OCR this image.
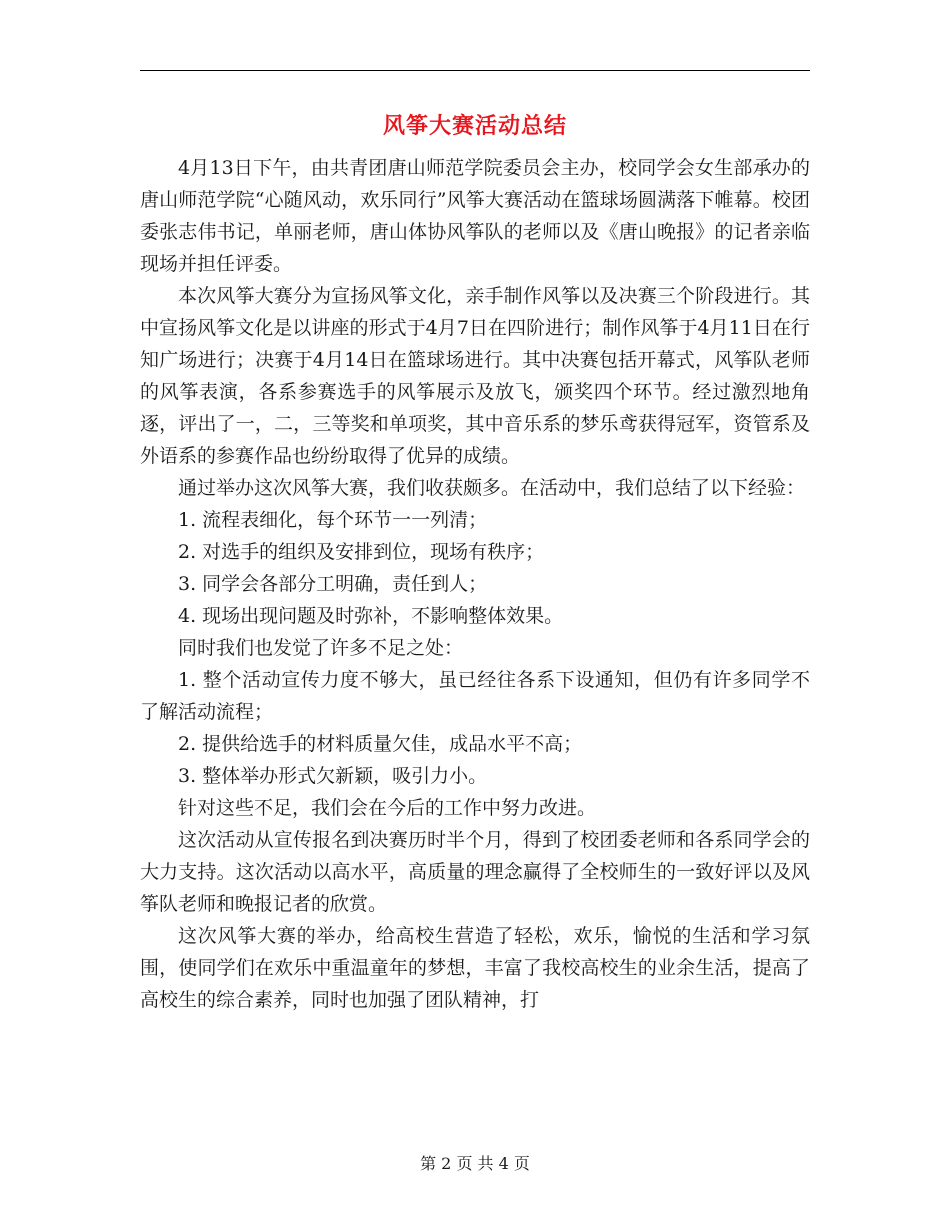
风筝大赛活动总结

4月13日下午，由共青团唐山师范学院委员会主办，校同学会女生部承办的唐山师范学院“心随风动，欢乐同行”风筝大赛活动在篮球场圆满落下帷幕。校团委张志伟书记，单丽老师，唐山体协风筝队的老师以及《唐山晚报》的记者亲临现场并担任评委。

本次风筝大赛分为宣扬风筝文化，亲手制作风筝以及决赛三个阶段进行。其中宣扬风筝文化是以讲座的形式于4月7日在四阶进行；制作风筝于4月11日在行知广场进行；决赛于4月14日在篮球场进行。其中决赛包括开幕式，风筝队老师的风筝表演，各系参赛选手的风筝展示及放飞，颁奖四个环节。经过激烈地角逐，评出了一，二，三等奖和单项奖，其中音乐系的梦乐鸢获得冠军，资管系及外语系的参赛作品也纷纷取得了优异的成绩。

通过举办这次风筝大赛，我们收获颇多。在活动中，我们总结了以下经验：

1. 流程表细化，每个环节一一列清；

2. 对选手的组织及安排到位，现场有秩序；

3. 同学会各部分工明确，责任到人；

4. 现场出现问题及时弥补，不影响整体效果。

同时我们也发觉了许多不足之处：

1. 整个活动宣传力度不够大，虽已经往各系下设通知，但仍有许多同学不了解活动流程；

2. 提供给选手的材料质量欠佳，成品水平不高；

3. 整体举办形式欠新颖，吸引力小。

针对这些不足，我们会在今后的工作中努力改进。

这次活动从宣传报名到决赛历时半个月，得到了校团委老师和各系同学会的大力支持。这次活动以高水平，高质量的理念赢得了全校师生的一致好评以及风筝队老师和晚报记者的欣赏。

这次风筝大赛的举办，给高校生营造了轻松，欢乐，愉悦的生活和学习氛围，使同学们在欢乐中重温童年的梦想，丰富了我校高校生的业余生活，提高了高校生的综合素养，同时也加强了团队精神，打

第 2 页 共 4 页
